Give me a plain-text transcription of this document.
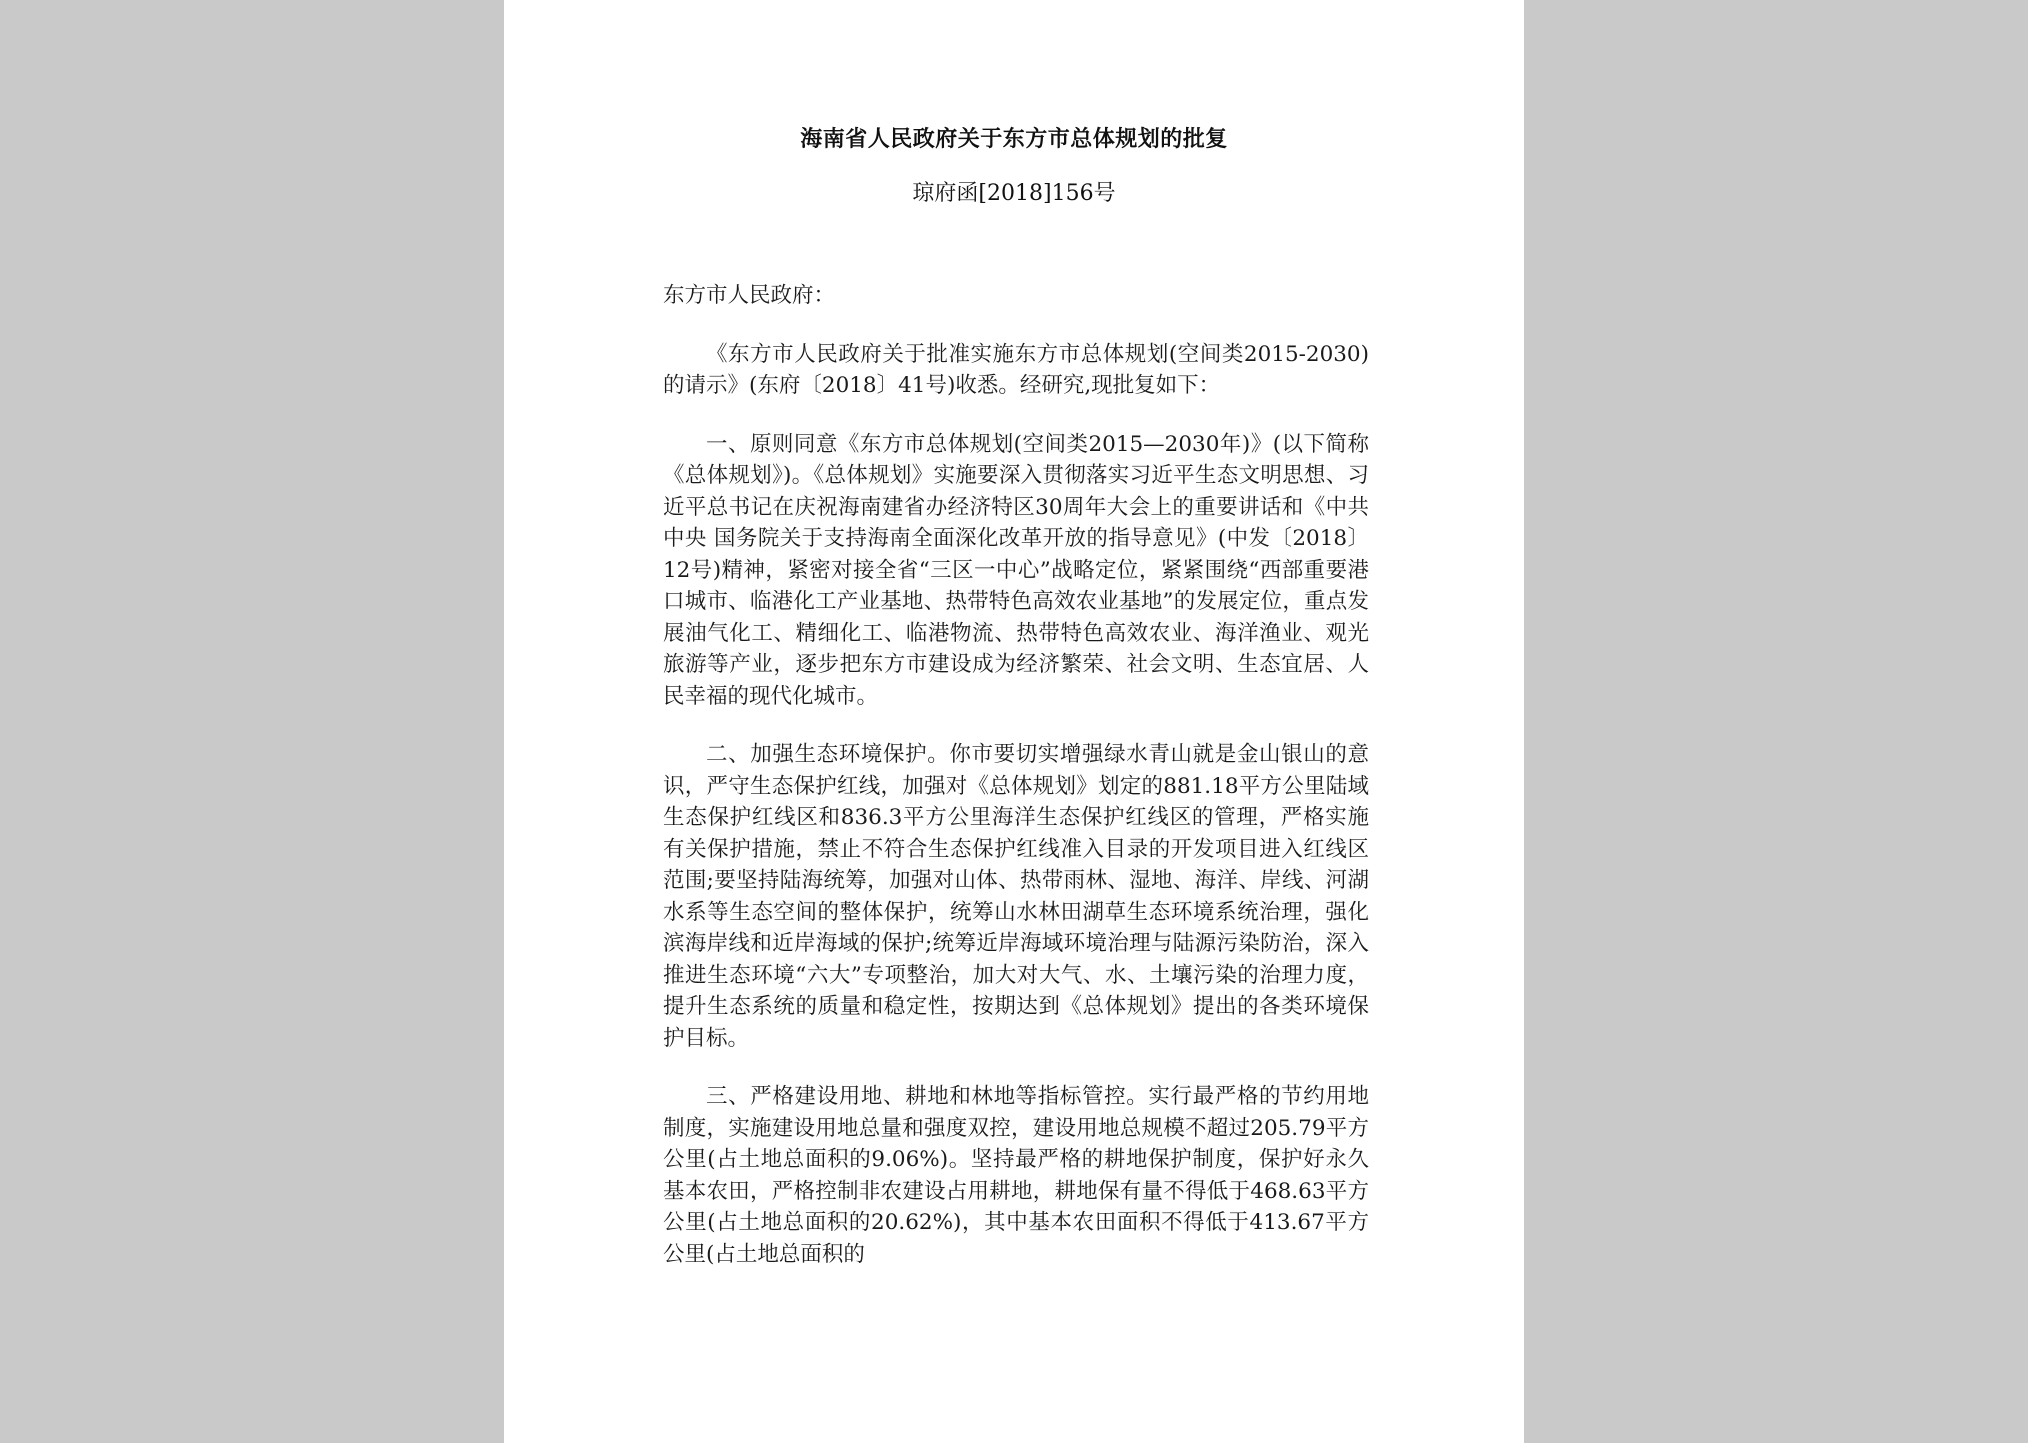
海南省人民政府关于东方市总体规划的批复
琼府函[2018]156号
东方市人民政府：
《东方市人民政府关于批准实施东方市总体规划(空间类2015-2030)的请示》(东府〔2018〕41号)收悉。经研究,现批复如下：
一、原则同意《东方市总体规划(空间类2015—2030年)》(以下简称《总体规划》)。《总体规划》实施要深入贯彻落实习近平生态文明思想、习近平总书记在庆祝海南建省办经济特区30周年大会上的重要讲话和《中共中央 国务院关于支持海南全面深化改革开放的指导意见》(中发〔2018〕12号)精神，紧密对接全省“三区一中心”战略定位，紧紧围绕“西部重要港口城市、临港化工产业基地、热带特色高效农业基地”的发展定位，重点发展油气化工、精细化工、临港物流、热带特色高效农业、海洋渔业、观光旅游等产业，逐步把东方市建设成为经济繁荣、社会文明、生态宜居、人民幸福的现代化城市。
二、加强生态环境保护。你市要切实增强绿水青山就是金山银山的意识，严守生态保护红线，加强对《总体规划》划定的881.18平方公里陆域生态保护红线区和836.3平方公里海洋生态保护红线区的管理，严格实施有关保护措施，禁止不符合生态保护红线准入目录的开发项目进入红线区范围;要坚持陆海统筹，加强对山体、热带雨林、湿地、海洋、岸线、河湖水系等生态空间的整体保护，统筹山水林田湖草生态环境系统治理，强化滨海岸线和近岸海域的保护;统筹近岸海域环境治理与陆源污染防治，深入推进生态环境“六大”专项整治，加大对大气、水、土壤污染的治理力度，提升生态系统的质量和稳定性，按期达到《总体规划》提出的各类环境保护目标。
三、严格建设用地、耕地和林地等指标管控。实行最严格的节约用地制度，实施建设用地总量和强度双控，建设用地总规模不超过205.79平方公里(占土地总面积的9.06%)。坚持最严格的耕地保护制度，保护好永久基本农田，严格控制非农建设占用耕地，耕地保有量不得低于468.63平方公里(占土地总面积的20.62%)，其中基本农田面积不得低于413.67平方公里(占土地总面积的
